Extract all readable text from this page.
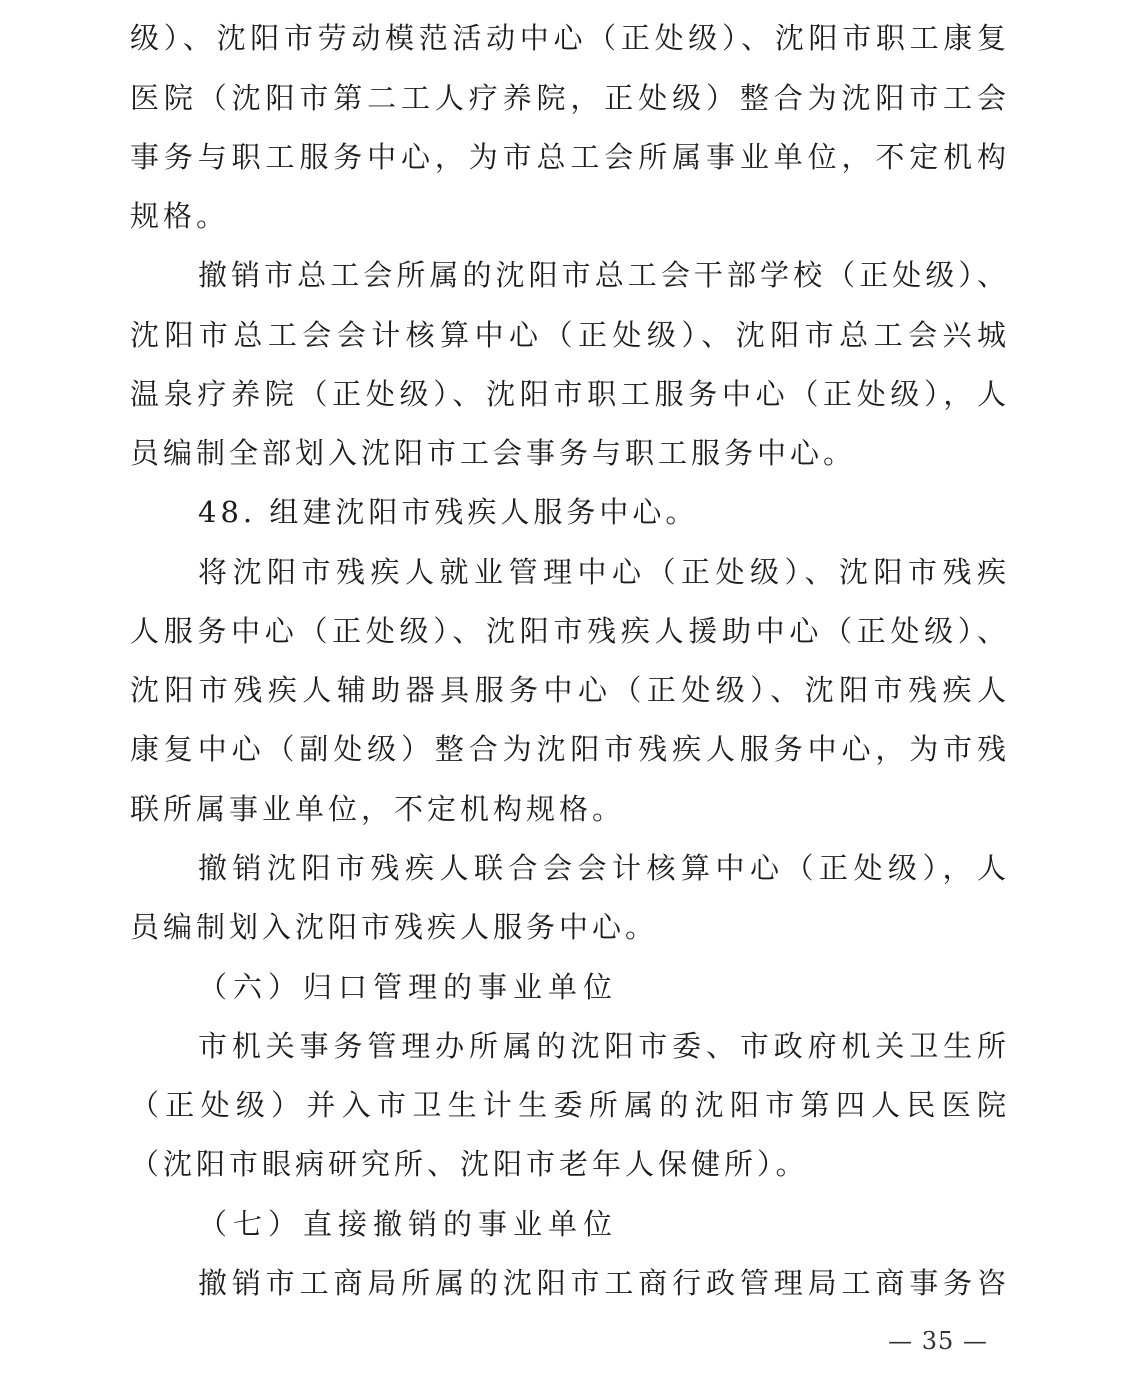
级）、沈阳市劳动模范活动中心（正处级）、沈阳市职工康复
医院（沈阳市第二工人疗养院，正处级）整合为沈阳市工会
事务与职工服务中心，为市总工会所属事业单位，不定机构
规格。
撤销市总工会所属的沈阳市总工会干部学校（正处级）、
沈阳市总工会会计核算中心（正处级）、沈阳市总工会兴城
温泉疗养院（正处级）、沈阳市职工服务中心（正处级），人
员编制全部划入沈阳市工会事务与职工服务中心。
48. 组建沈阳市残疾人服务中心。
将沈阳市残疾人就业管理中心（正处级）、沈阳市残疾
人服务中心（正处级）、沈阳市残疾人援助中心（正处级）、
沈阳市残疾人辅助器具服务中心（正处级）、沈阳市残疾人
康复中心（副处级）整合为沈阳市残疾人服务中心，为市残
联所属事业单位，不定机构规格。
撤销沈阳市残疾人联合会会计核算中心（正处级），人
员编制划入沈阳市残疾人服务中心。
（六）归口管理的事业单位
市机关事务管理办所属的沈阳市委、市政府机关卫生所
（正处级）并入市卫生计生委所属的沈阳市第四人民医院
（沈阳市眼病研究所、沈阳市老年人保健所）。
（七）直接撤销的事业单位
撤销市工商局所属的沈阳市工商行政管理局工商事务咨
— 35 —
